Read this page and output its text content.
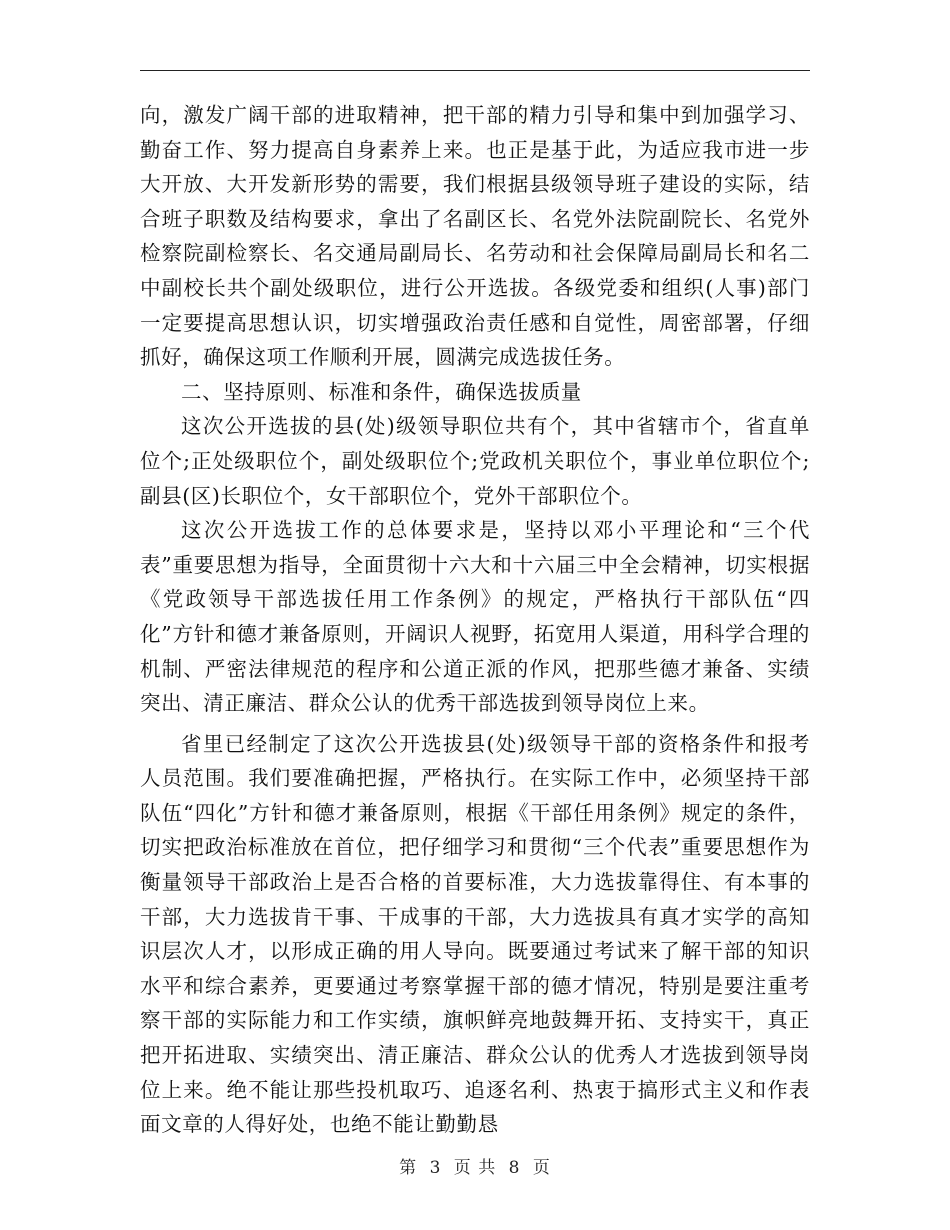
向，激发广阔干部的进取精神，把干部的精力引导和集中到加强学习、勤奋工作、努力提高自身素养上来。也正是基于此，为适应我市进一步大开放、大开发新形势的需要，我们根据县级领导班子建设的实际，结合班子职数及结构要求，拿出了名副区长、名党外法院副院长、名党外检察院副检察长、名交通局副局长、名劳动和社会保障局副局长和名二中副校长共个副处级职位，进行公开选拔。各级党委和组织(人事)部门一定要提高思想认识，切实增强政治责任感和自觉性，周密部署，仔细抓好，确保这项工作顺利开展，圆满完成选拔任务。

二、坚持原则、标准和条件，确保选拔质量

这次公开选拔的县(处)级领导职位共有个，其中省辖市个，省直单位个;正处级职位个，副处级职位个;党政机关职位个，事业单位职位个;副县(区)长职位个，女干部职位个，党外干部职位个。

这次公开选拔工作的总体要求是，坚持以邓小平理论和“三个代表”重要思想为指导，全面贯彻十六大和十六届三中全会精神，切实根据《党政领导干部选拔任用工作条例》的规定，严格执行干部队伍“四化”方针和德才兼备原则，开阔识人视野，拓宽用人渠道，用科学合理的机制、严密法律规范的程序和公道正派的作风，把那些德才兼备、实绩突出、清正廉洁、群众公认的优秀干部选拔到领导岗位上来。

省里已经制定了这次公开选拔县(处)级领导干部的资格条件和报考人员范围。我们要准确把握，严格执行。在实际工作中，必须坚持干部队伍“四化”方针和德才兼备原则，根据《干部任用条例》规定的条件，切实把政治标准放在首位，把仔细学习和贯彻“三个代表”重要思想作为衡量领导干部政治上是否合格的首要标准，大力选拔靠得住、有本事的干部，大力选拔肯干事、干成事的干部，大力选拔具有真才实学的高知识层次人才，以形成正确的用人导向。既要通过考试来了解干部的知识水平和综合素养，更要通过考察掌握干部的德才情况，特别是要注重考察干部的实际能力和工作实绩，旗帜鲜亮地鼓舞开拓、支持实干，真正把开拓进取、实绩突出、清正廉洁、群众公认的优秀人才选拔到领导岗位上来。绝不能让那些投机取巧、追逐名利、热衷于搞形式主义和作表面文章的人得好处，也绝不能让勤勤恳

第 3 页 共 8 页
